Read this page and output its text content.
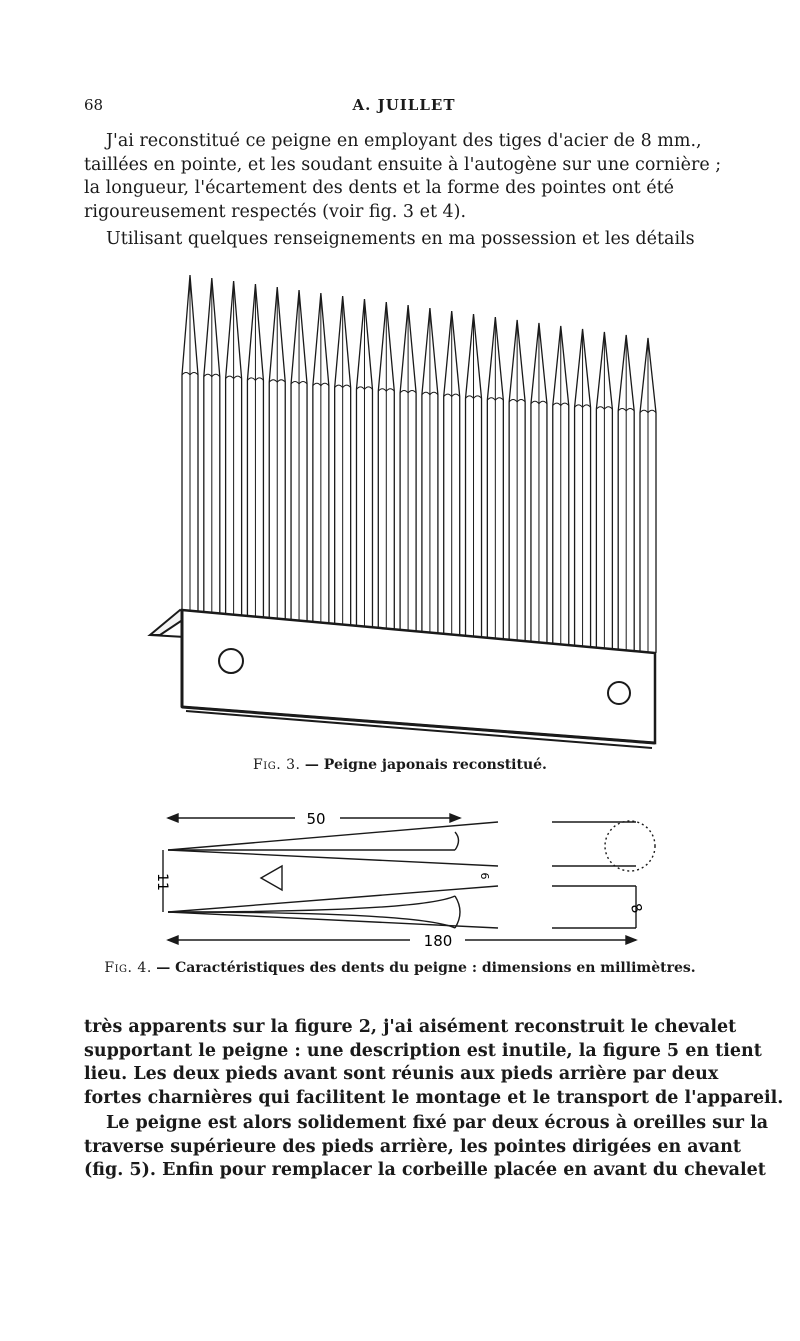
68	A. JUILLET

J'ai reconstitué ce peigne en employant des tiges d'acier de 8 mm.,
taillées en pointe, et les soudant ensuite à l'autogène sur une cornière ;
la longueur, l'écartement des dents et la forme des pointes ont été
rigoureusement respectés (voir fig. 3 et 4).

Utilisant quelques renseignements en ma possession et les détails

Fig. 3. — Peigne japonais reconstitué.
50
180
11	6
8
Fig. 4. — Caractéristiques des dents du peigne : dimensions en millimètres.

très apparents sur la figure 2, j'ai aisément reconstruit le chevalet
supportant le peigne : une description est inutile, la figure 5 en tient
lieu. Les deux pieds avant sont réunis aux pieds arrière par deux
fortes charnières qui facilitent le montage et le transport de l'appareil.

Le peigne est alors solidement fixé par deux écrous à oreilles sur la
traverse supérieure des pieds arrière, les pointes dirigées en avant
(fig. 5). Enfin pour remplacer la corbeille placée en avant du chevalet
